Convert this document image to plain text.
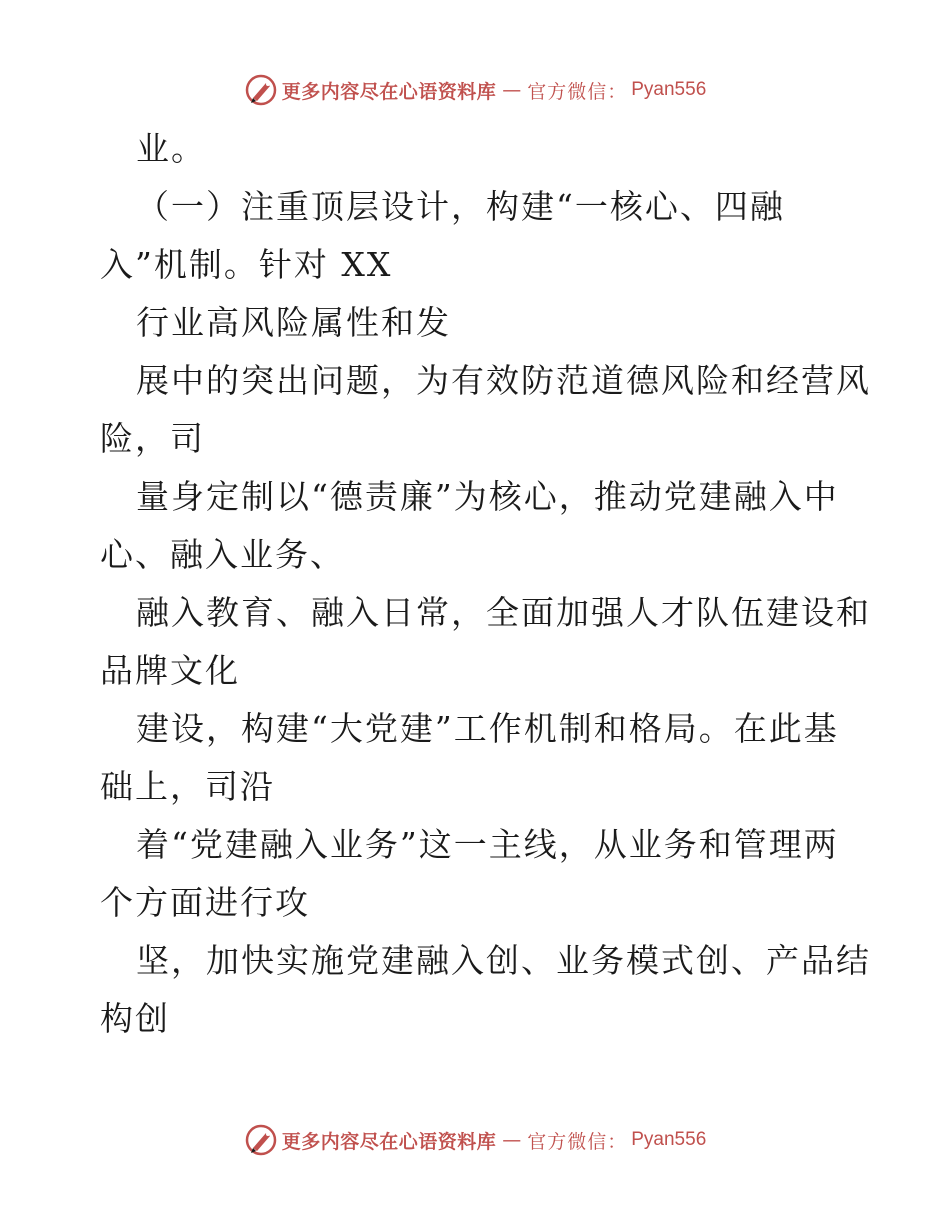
更多内容尽在心语资料库 — 官方微信： Pyan556
业。
（一）注重顶层设计，构建“一核心、四融
入”机制。针对 XX
行业高风险属性和发
展中的突出问题，为有效防范道德风险和经营风
险，司
量身定制以“德责廉”为核心，推动党建融入中
心、融入业务、
融入教育、融入日常，全面加强人才队伍建设和
品牌文化
建设，构建“大党建”工作机制和格局。在此基
础上，司沿
着“党建融入业务”这一主线，从业务和管理两
个方面进行攻
坚，加快实施党建融入创、业务模式创、产品结
构创
更多内容尽在心语资料库 — 官方微信： Pyan556
